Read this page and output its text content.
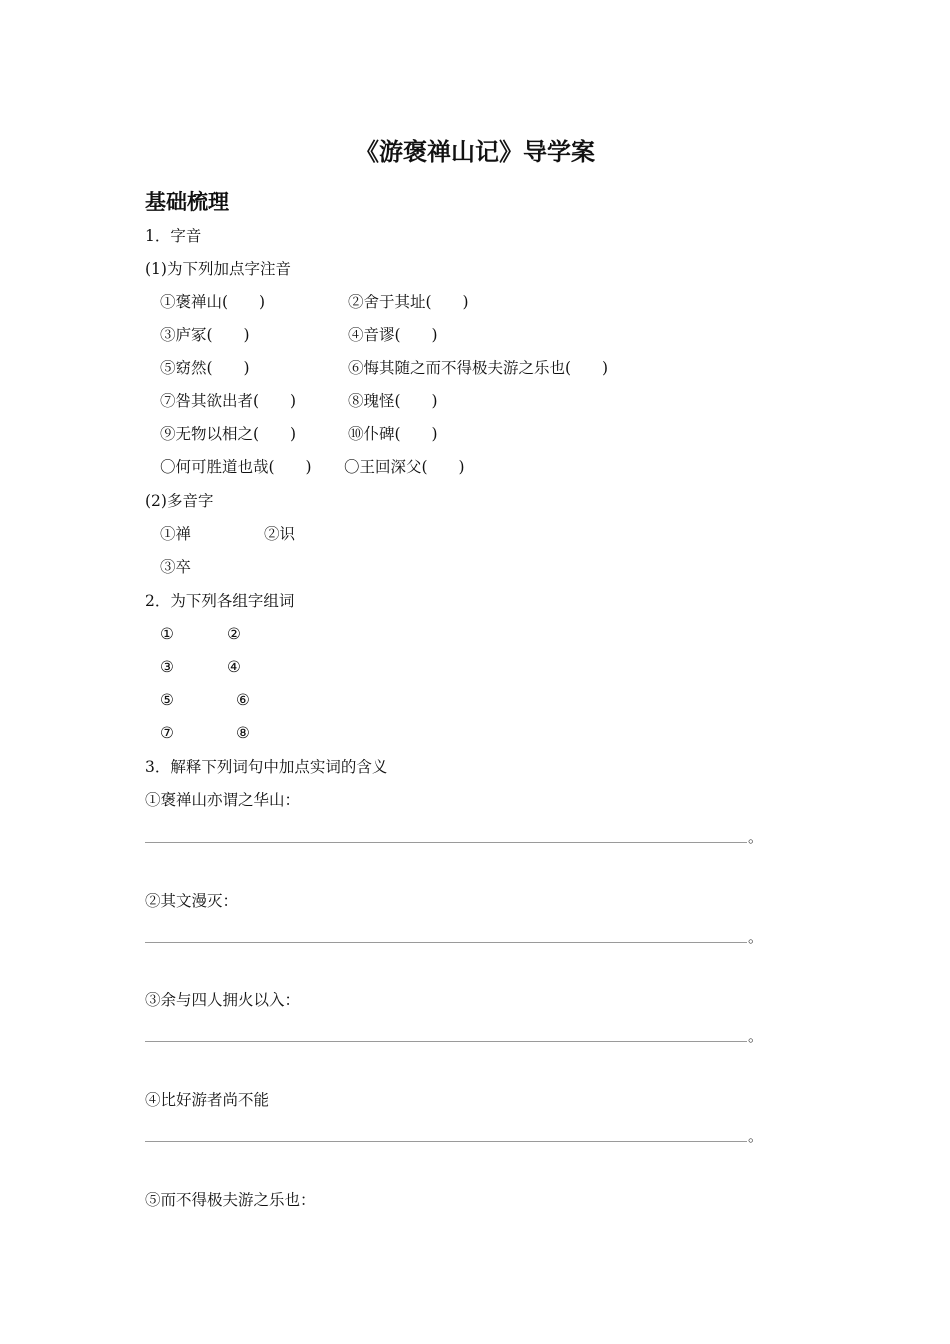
《游褒禅山记》导学案
基础梳理
1．字音
(1)为下列加点字注音
①褒禅山(　　)	②舍于其址(　　)
③庐冢(　　)	④音谬(　　)
⑤窈然(　　)	⑥悔其随之而不得极夫游之乐也(　　)
⑦咎其欲出者(　　)	⑧瑰怪(　　)
⑨无物以相之(　　)	⑩仆碑(　　)
〇何可胜道也哉(　　) 〇王回深父(　　)
(2)多音字
①禅	②识
③卒
2．为下列各组字组词
①	②
③	④
⑤	⑥
⑦	⑧
3．解释下列词句中加点实词的含义
①褒禅山亦谓之华山：
。
②其文漫灭：
。
③余与四人拥火以入：
。
④比好游者尚不能
。
⑤而不得极夫游之乐也：
